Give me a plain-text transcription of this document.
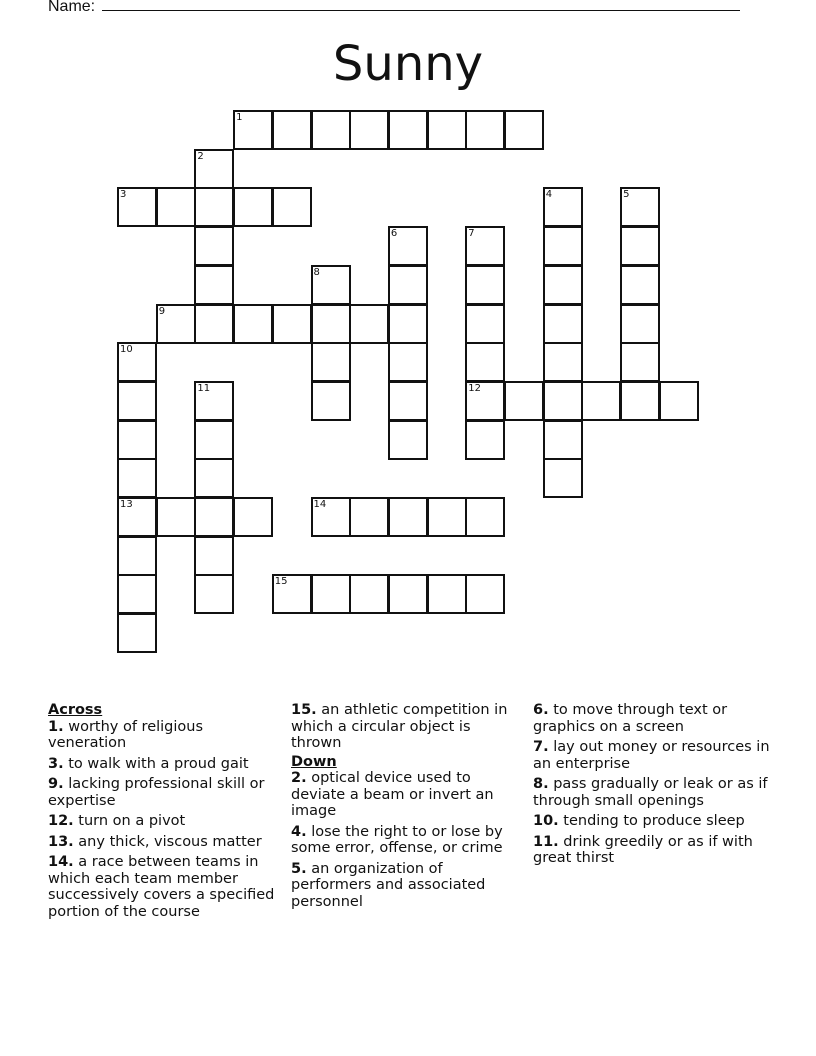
Name:
Sunny
1
2
3	4	5
6	7
12
8
9
10
13
11
14
15
Across
1. worthy of religious veneration
3. to walk with a proud gait
9. lacking professional skill or expertise
12. turn on a pivot
13. any thick, viscous matter
14. a race between teams in which each team member successively covers a specified portion of the course
15. an athletic competition in which a circular object is thrown
Down
2. optical device used to deviate a beam or invert an image
4. lose the right to or lose by some error, offense, or crime
5. an organization of performers and associated personnel
6. to move through text or graphics on a screen
7. lay out money or resources in an enterprise
8. pass gradually or leak or as if through small openings
10. tending to produce sleep
11. drink greedily or as if with great thirst
